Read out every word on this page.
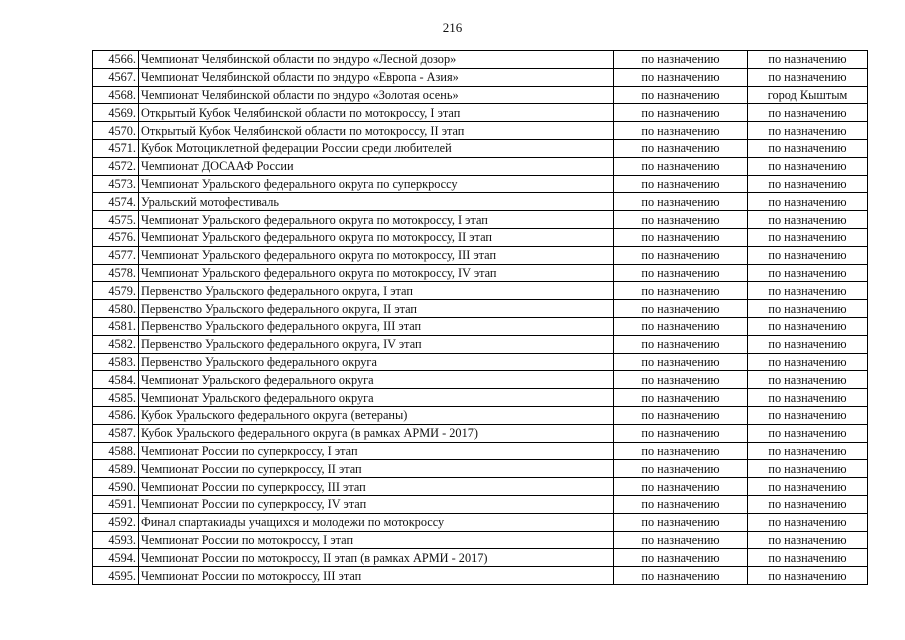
216
4566.	Чемпионат Челябинской области по эндуро «Лесной дозор»	по назначению	по назначению
4567.	Чемпионат Челябинской области по эндуро «Европа - Азия»	по назначению	по назначению
4568.	Чемпионат Челябинской области по эндуро «Золотая осень»	по назначению	город Кыштым
4569.	Открытый Кубок Челябинской области по мотокроссу, I этап	по назначению	по назначению
4570.	Открытый Кубок Челябинской области по мотокроссу, II этап	по назначению	по назначению
4571.	Кубок Мотоциклетной федерации России среди любителей	по назначению	по назначению
4572.	Чемпионат ДОСААФ России	по назначению	по назначению
4573.	Чемпионат Уральского федерального округа по суперкроссу	по назначению	по назначению
4574.	Уральский мотофестиваль	по назначению	по назначению
4575.	Чемпионат Уральского федерального округа по мотокроссу, I этап	по назначению	по назначению
4576.	Чемпионат Уральского федерального округа по мотокроссу, II этап	по назначению	по назначению
4577.	Чемпионат Уральского федерального округа по мотокроссу, III этап	по назначению	по назначению
4578.	Чемпионат Уральского федерального округа по мотокроссу, IV этап	по назначению	по назначению
4579.	Первенство Уральского федерального округа, I этап	по назначению	по назначению
4580.	Первенство Уральского федерального округа, II этап	по назначению	по назначению
4581.	Первенство Уральского федерального округа, III этап	по назначению	по назначению
4582.	Первенство Уральского федерального округа, IV этап	по назначению	по назначению
4583.	Первенство Уральского федерального округа	по назначению	по назначению
4584.	Чемпионат Уральского федерального округа	по назначению	по назначению
4585.	Чемпионат Уральского федерального округа	по назначению	по назначению
4586.	Кубок Уральского федерального округа (ветераны)	по назначению	по назначению
4587.	Кубок Уральского федерального округа (в рамках АРМИ - 2017)	по назначению	по назначению
4588.	Чемпионат России по суперкроссу, I этап	по назначению	по назначению
4589.	Чемпионат России по суперкроссу, II этап	по назначению	по назначению
4590.	Чемпионат России по суперкроссу, III этап	по назначению	по назначению
4591.	Чемпионат России по суперкроссу, IV этап	по назначению	по назначению
4592.	Финал спартакиады учащихся и молодежи по мотокроссу	по назначению	по назначению
4593.	Чемпионат России по мотокроссу, I этап	по назначению	по назначению
4594.	Чемпионат России по мотокроссу, II этап (в рамках АРМИ - 2017)	по назначению	по назначению
4595.	Чемпионат России по мотокроссу, III этап	по назначению	по назначению
